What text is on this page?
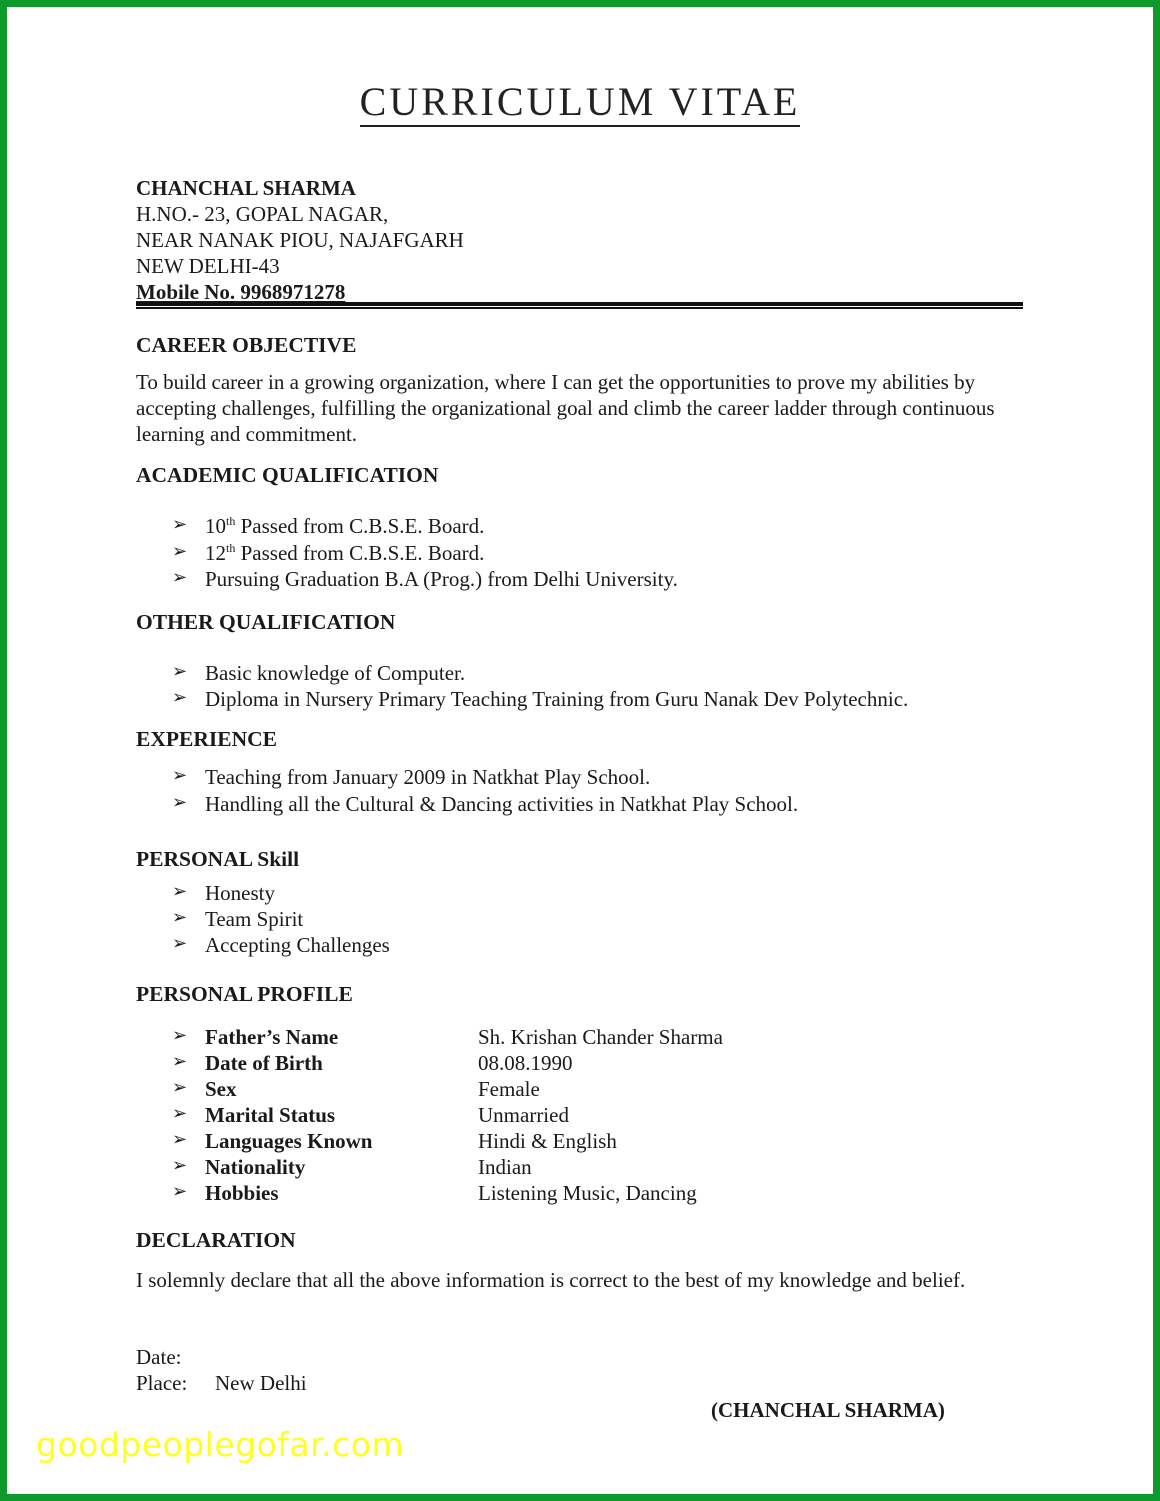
CURRICULUM VITAE
CHANCHAL SHARMA
H.NO.- 23, GOPAL NAGAR,
NEAR NANAK PIOU, NAJAFGARH
NEW DELHI-43
Mobile No. 9968971278
CAREER OBJECTIVE
To build career in a growing organization, where I can get the opportunities to prove my abilities by accepting challenges, fulfilling the organizational goal and climb the career ladder through continuous learning and commitment.
ACADEMIC QUALIFICATION
➢ 10th Passed from C.B.S.E. Board.
➢ 12th Passed from C.B.S.E. Board.
➢ Pursuing Graduation B.A (Prog.) from Delhi University.
OTHER QUALIFICATION
➢ Basic knowledge of Computer.
➢ Diploma in Nursery Primary Teaching Training from Guru Nanak Dev Polytechnic.
EXPERIENCE
➢ Teaching from January 2009 in Natkhat Play School.
➢ Handling all the Cultural & Dancing activities in Natkhat Play School.
PERSONAL Skill
➢ Honesty
➢ Team Spirit
➢ Accepting Challenges
PERSONAL PROFILE
➢ Father’s Name	Sh. Krishan Chander Sharma
➢ Date of Birth	08.08.1990
➢ Sex	Female
➢ Marital Status	Unmarried
➢ Languages Known	Hindi & English
➢ Nationality	Indian
➢ Hobbies	Listening Music, Dancing
DECLARATION
I solemnly declare that all the above information is correct to the best of my knowledge and belief.
Date:
Place: New Delhi
(CHANCHAL SHARMA)
goodpeoplegofar.com
